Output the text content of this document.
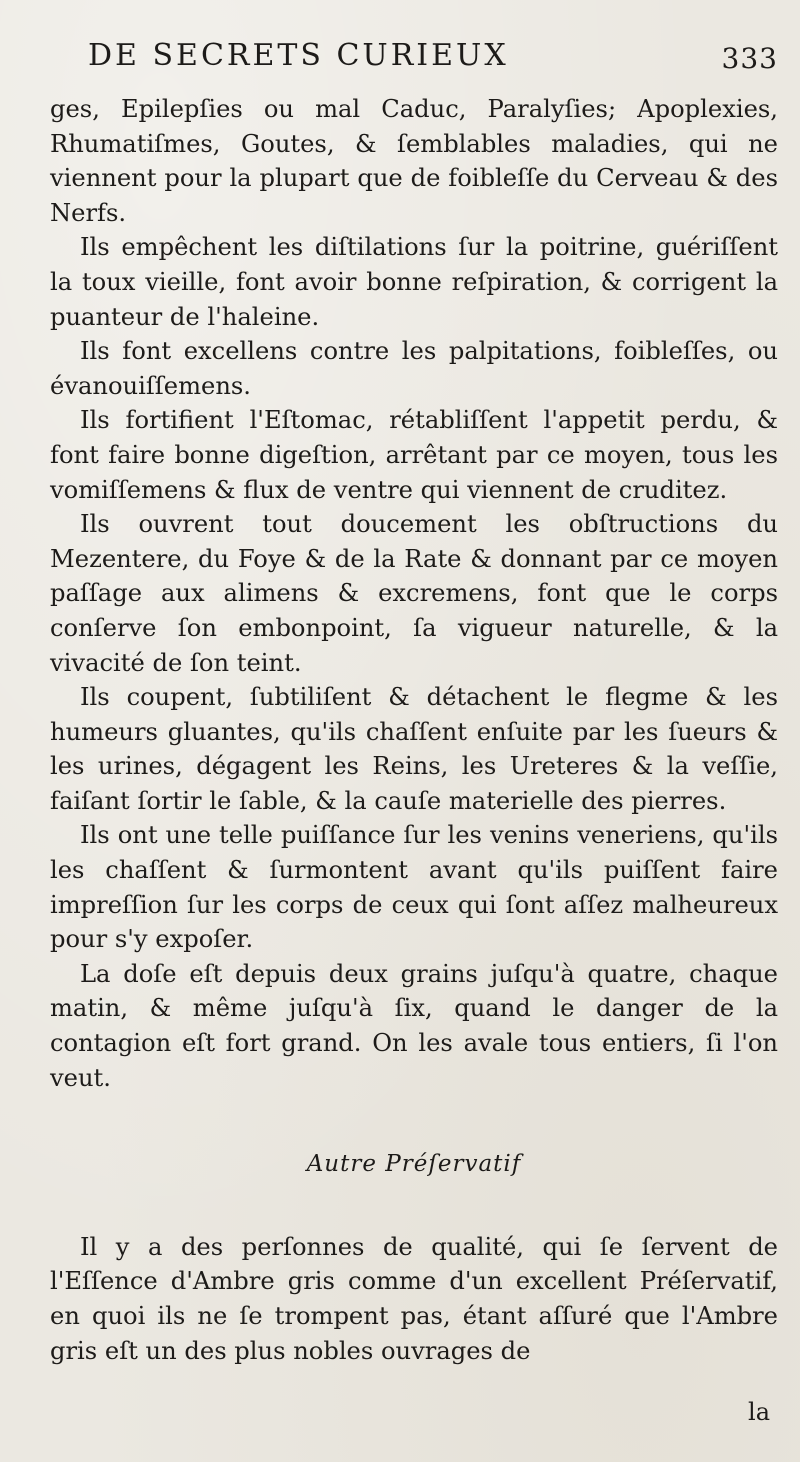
DE SECRETS CURIEUX	333

ges, Epilepſies ou mal Caduc, Paralyſies; Apoplexies, Rhumatiſmes, Goutes, & ſemblables maladies, qui ne viennent pour la plupart que de foibleſſe du Cerveau & des Nerfs.

Ils empêchent les diſtilations ſur la poitrine, guériſſent la toux vieille, font avoir bonne reſpiration, & corrigent la puanteur de l'haleine.

Ils font excellens contre les palpitations, foibleſſes, ou évanouiſſemens.

Ils fortifient l'Eſtomac, rétabliſſent l'appetit perdu, & font faire bonne digeſtion, arrêtant par ce moyen, tous les vomiſſemens & flux de ventre qui viennent de cruditez.

Ils ouvrent tout doucement les obſtructions du Mezentere, du Foye & de la Rate & donnant par ce moyen paſſage aux alimens & excremens, font que le corps conſerve ſon embonpoint, ſa vigueur naturelle, & la vivacité de ſon teint.

Ils coupent, ſubtiliſent & détachent le flegme & les humeurs gluantes, qu'ils chaſſent enſuite par les ſueurs & les urines, dégagent les Reins, les Ureteres & la veſſie, faiſant ſortir le ſable, & la cauſe materielle des pierres.

Ils ont une telle puiſſance ſur les venins veneriens, qu'ils les chaſſent & ſurmontent avant qu'ils puiſſent faire impreſſion ſur les corps de ceux qui ſont aſſez malheureux pour s'y expoſer.

La doſe eſt depuis deux grains juſqu'à quatre, chaque matin, & même juſqu'à ſix, quand le danger de la contagion eſt fort grand. On les avale tous entiers, ſi l'on veut.

Autre Préſervatif

Il y a des perſonnes de qualité, qui ſe ſervent de l'Eſſence d'Ambre gris comme d'un excellent Préſervatif, en quoi ils ne ſe trompent pas, étant aſſuré que l'Ambre gris eſt un des plus nobles ouvrages de

la
